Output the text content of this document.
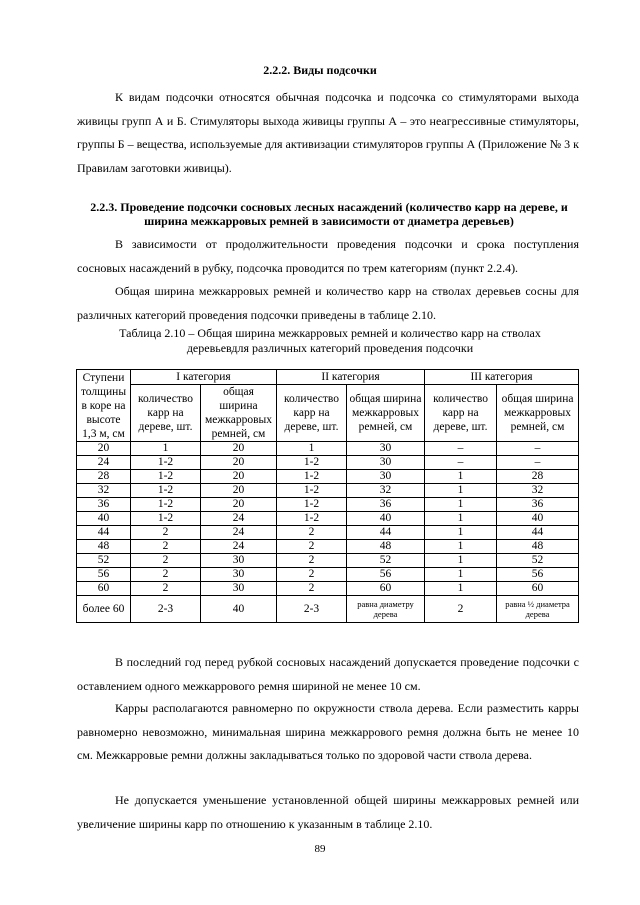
2.2.2. Виды подсочки

К видам подсочки относятся обычная подсочка и подсочка со стимуляторами выхода живицы групп А и Б. Стимуляторы выхода живицы группы А – это неагрессивные стимуляторы, группы Б – вещества, используемые для активизации стимуляторов группы А (Приложение № 3 к Правилам заготовки живицы).

2.2.3. Проведение подсочки сосновых лесных насаждений (количество карр на дереве, и ширина межкарровых ремней в зависимости от диаметра деревьев)

В зависимости от продолжительности проведения подсочки и срока поступления сосновых насаждений в рубку, подсочка проводится по трем категориям (пункт 2.2.4).

Общая ширина межкарровых ремней и количество карр на стволах деревьев сосны для различных категорий проведения подсочки приведены в таблице 2.10.

Таблица 2.10 – Общая ширина межкарровых ремней и количество карр на стволах деревьевдля различных категорий проведения подсочки

Ступени толщины в коре на высоте 1,3 м, см	I категория		II категория		III категория	
	количество карр на дереве, шт.	общая ширина межкарровых ремней, см	количество карр на дереве, шт.	общая ширина межкарровых ремней, см	количество карр на дереве, шт.	общая ширина межкарровых ремней, см
20	1	20	1	30	–	–
24	1-2	20	1-2	30	–	–
28	1-2	20	1-2	30	1	28
32	1-2	20	1-2	32	1	32
36	1-2	20	1-2	36	1	36
40	1-2	24	1-2	40	1	40
44	2	24	2	44	1	44
48	2	24	2	48	1	48
52	2	30	2	52	1	52
56	2	30	2	56	1	56
60	2	30	2	60	1	60
более 60	2-3	40	2-3	равна диаметру дерева	2	равна ½ диаметра дерева

В последний год перед рубкой сосновых насаждений допускается проведение подсочки с оставлением одного межкаррового ремня шириной не менее 10 см.

Карры располагаются равномерно по окружности ствола дерева. Если разместить карры равномерно невозможно, минимальная ширина межкаррового ремня должна быть не менее 10 см. Межкарровые ремни должны закладываться только по здоровой части ствола дерева.

Не допускается уменьшение установленной общей ширины межкарровых ремней или увеличение ширины карр по отношению к указанным в таблице 2.10.

89
